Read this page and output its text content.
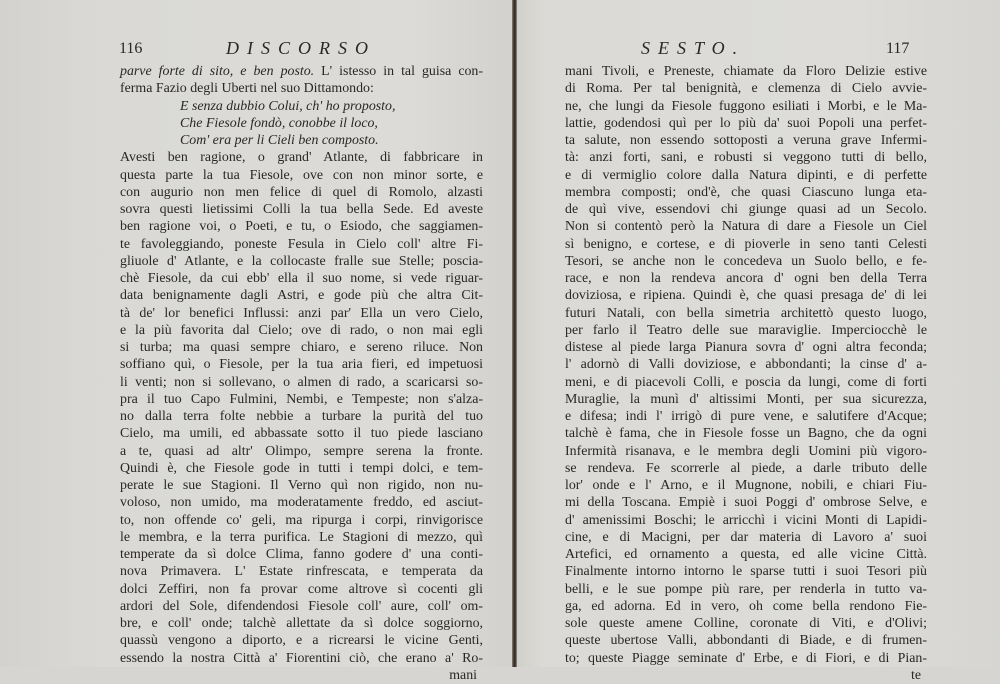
116	DISCORSO
parve forte di sito, e ben posto. L' istesso in tal guisa con-
ferma Fazio degli Uberti nel suo Dittamondo:
E senza dubbio Colui, ch' ho proposto,
Che Fiesole fondò, conobbe il loco,
Com' era per li Cieli ben composto.
Avesti ben ragione, o grand' Atlante, di fabbricare in
questa parte la tua Fiesole, ove con non minor sorte, e
con augurio non men felice di quel di Romolo, alzasti
sovra questi lietissimi Colli la tua bella Sede. Ed aveste
ben ragione voi, o Poeti, e tu, o Esiodo, che saggiamen-
te favoleggiando, poneste Fesula in Cielo coll' altre Fi-
gliuole d' Atlante, e la collocaste fralle sue Stelle; poscia-
chè Fiesole, da cui ebb' ella il suo nome, si vede riguar-
data benignamente dagli Astri, e gode più che altra Cit-
tà de' lor benefici Influssi: anzi par' Ella un vero Cielo,
e la più favorita dal Cielo; ove di rado, o non mai egli
si turba; ma quasi sempre chiaro, e sereno riluce. Non
soffiano quì, o Fiesole, per la tua aria fieri, ed impetuosi
li venti; non si sollevano, o almen di rado, a scaricarsi so-
pra il tuo Capo Fulmini, Nembi, e Tempeste; non s'alza-
no dalla terra folte nebbie a turbare la purità del tuo
Cielo, ma umili, ed abbassate sotto il tuo piede lasciano
a te, quasi ad altr' Olimpo, sempre serena la fronte.
Quindi è, che Fiesole gode in tutti i tempi dolci, e tem-
perate le sue Stagioni. Il Verno quì non rigido, non nu-
voloso, non umido, ma moderatamente freddo, ed asciut-
to, non offende co' geli, ma ripurga i corpi, rinvigorisce
le membra, e la terra purifica. Le Stagioni di mezzo, quì
temperate da sì dolce Clima, fanno godere d' una conti-
nova Primavera. L' Estate rinfrescata, e temperata da
dolci Zeffiri, non fa provar come altrove sì cocenti gli
ardori del Sole, difendendosi Fiesole coll' aure, coll' om-
bre, e coll' onde; talchè allettate da sì dolce soggiorno,
quassù vengono a diporto, e a ricrearsi le vicine Genti,
essendo la nostra Città a' Fiorentini ciò, che erano a' Ro-
mani
SESTO.	117
mani Tivoli, e Preneste, chiamate da Floro Delizie estive
di Roma. Per tal benignità, e clemenza di Cielo avvie-
ne, che lungi da Fiesole fuggono esiliati i Morbi, e le Ma-
lattie, godendosi quì per lo più da' suoi Popoli una perfet-
ta salute, non essendo sottoposti a veruna grave Infermi-
tà: anzi forti, sani, e robusti si veggono tutti di bello,
e di vermiglio colore dalla Natura dipinti, e di perfette
membra composti; ond'è, che quasi Ciascuno lunga eta-
de quì vive, essendovi chi giunge quasi ad un Secolo.
Non si contentò però la Natura di dare a Fiesole un Ciel
sì benigno, e cortese, e di pioverle in seno tanti Celesti
Tesori, se anche non le concedeva un Suolo bello, e fe-
race, e non la rendeva ancora d' ogni ben della Terra
doviziosa, e ripiena. Quindi è, che quasi presaga de' di lei
futuri Natali, con bella simetria architettò questo luogo,
per farlo il Teatro delle sue maraviglie. Imperciocchè le
distese al piede larga Pianura sovra d' ogni altra feconda;
l' adornò di Valli doviziose, e abbondanti; la cinse d' a-
meni, e di piacevoli Colli, e poscia da lungi, come di forti
Muraglie, la munì d' altissimi Monti, per sua sicurezza,
e difesa; indi l' irrigò di pure vene, e salutifere d'Acque;
talchè è fama, che in Fiesole fosse un Bagno, che da ogni
Infermità risanava, e le membra degli Uomini più vigoro-
se rendeva. Fe scorrerle al piede, a darle tributo delle
lor' onde e l' Arno, e il Mugnone, nobili, e chiari Fiu-
mi della Toscana. Empiè i suoi Poggi d' ombrose Selve, e
d' amenissimi Boschi; le arricchì i vicini Monti di Lapidi-
cine, e di Macigni, per dar materia di Lavoro a' suoi
Artefici, ed ornamento a questa, ed alle vicine Città.
Finalmente intorno intorno le sparse tutti i suoi Tesori più
belli, e le sue pompe più rare, per renderla in tutto va-
ga, ed adorna. Ed in vero, oh come bella rendono Fie-
sole queste amene Colline, coronate di Viti, e d'Olivi;
queste ubertose Valli, abbondanti di Biade, e di frumen-
to; queste Piagge seminate d' Erbe, e di Fiori, e di Pian-
te
